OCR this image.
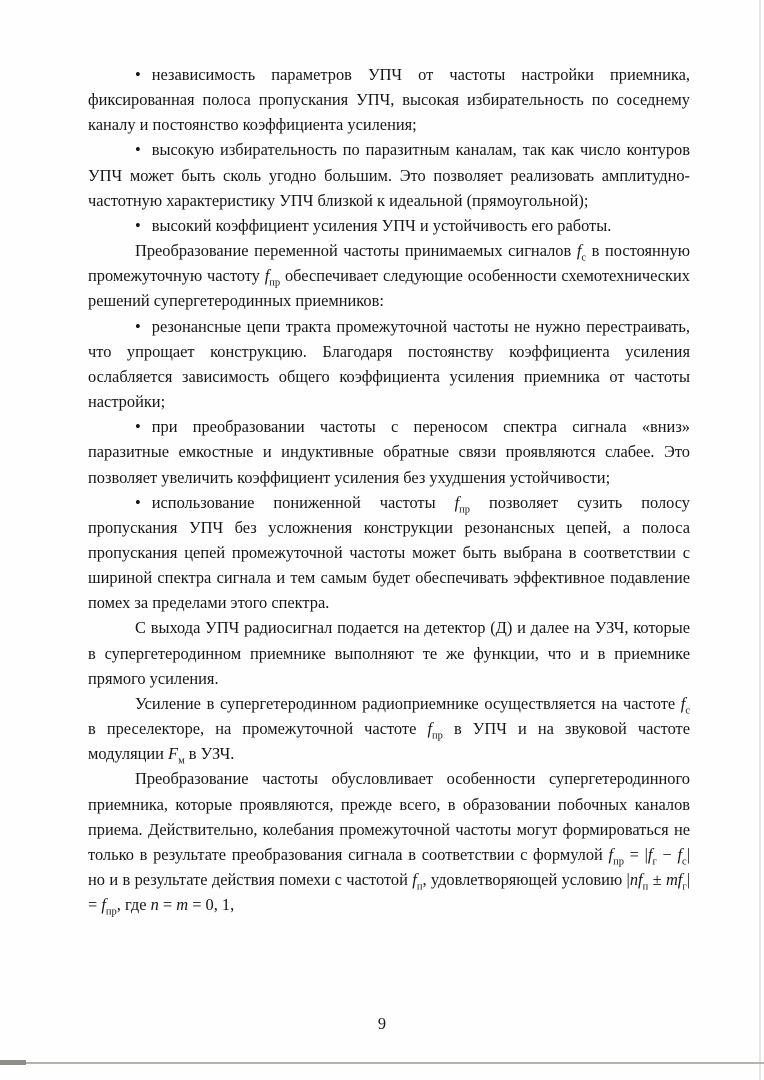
• независимость параметров УПЧ от частоты настройки приемника, фиксированная полоса пропускания УПЧ, высокая избирательность по соседнему каналу и постоянство коэффициента усиления;

• высокую избирательность по паразитным каналам, так как число контуров УПЧ может быть сколь угодно большим. Это позволяет реализовать амплитудно-частотную характеристику УПЧ близкой к идеальной (прямоугольной);

• высокий коэффициент усиления УПЧ и устойчивость его работы.

Преобразование переменной частоты принимаемых сигналов $f_с$ в постоянную промежуточную частоту $f_{пр}$ обеспечивает следующие особенности схемотехнических решений супергетеродинных приемников:

• резонансные цепи тракта промежуточной частоты не нужно перестраивать, что упрощает конструкцию. Благодаря постоянству коэффициента усиления ослабляется зависимость общего коэффициента усиления приемника от частоты настройки;

• при преобразовании частоты с переносом спектра сигнала «вниз» паразитные емкостные и индуктивные обратные связи проявляются слабее. Это позволяет увеличить коэффициент усиления без ухудшения устойчивости;

• использование пониженной частоты $f_{пр}$ позволяет сузить полосу пропускания УПЧ без усложнения конструкции резонансных цепей, а полоса пропускания цепей промежуточной частоты может быть выбрана в соответствии с шириной спектра сигнала и тем самым будет обеспечивать эффективное подавление помех за пределами этого спектра.

С выхода УПЧ радиосигнал подается на детектор (Д) и далее на УЗЧ, которые в супергетеродинном приемнике выполняют те же функции, что и в приемнике прямого усиления.

Усиление в супергетеродинном радиоприемнике осуществляется на частоте $f_с$ в преселекторе, на промежуточной частоте $f_{пр}$ в УПЧ и на звуковой частоте модуляции $F_м$ в УЗЧ.

Преобразование частоты обусловливает особенности супергетеродинного приемника, которые проявляются, прежде всего, в образовании побочных каналов приема. Действительно, колебания промежуточной частоты могут формироваться не только в результате преобразования сигнала в соответствии с формулой $f_{пр} = |f_г - f_с|$ но и в результате действия помехи с частотой $f_п$, удовлетворяющей условию $|nf_п \pm mf_г| = f_{пр}$, где n = m = 0, 1,

9
